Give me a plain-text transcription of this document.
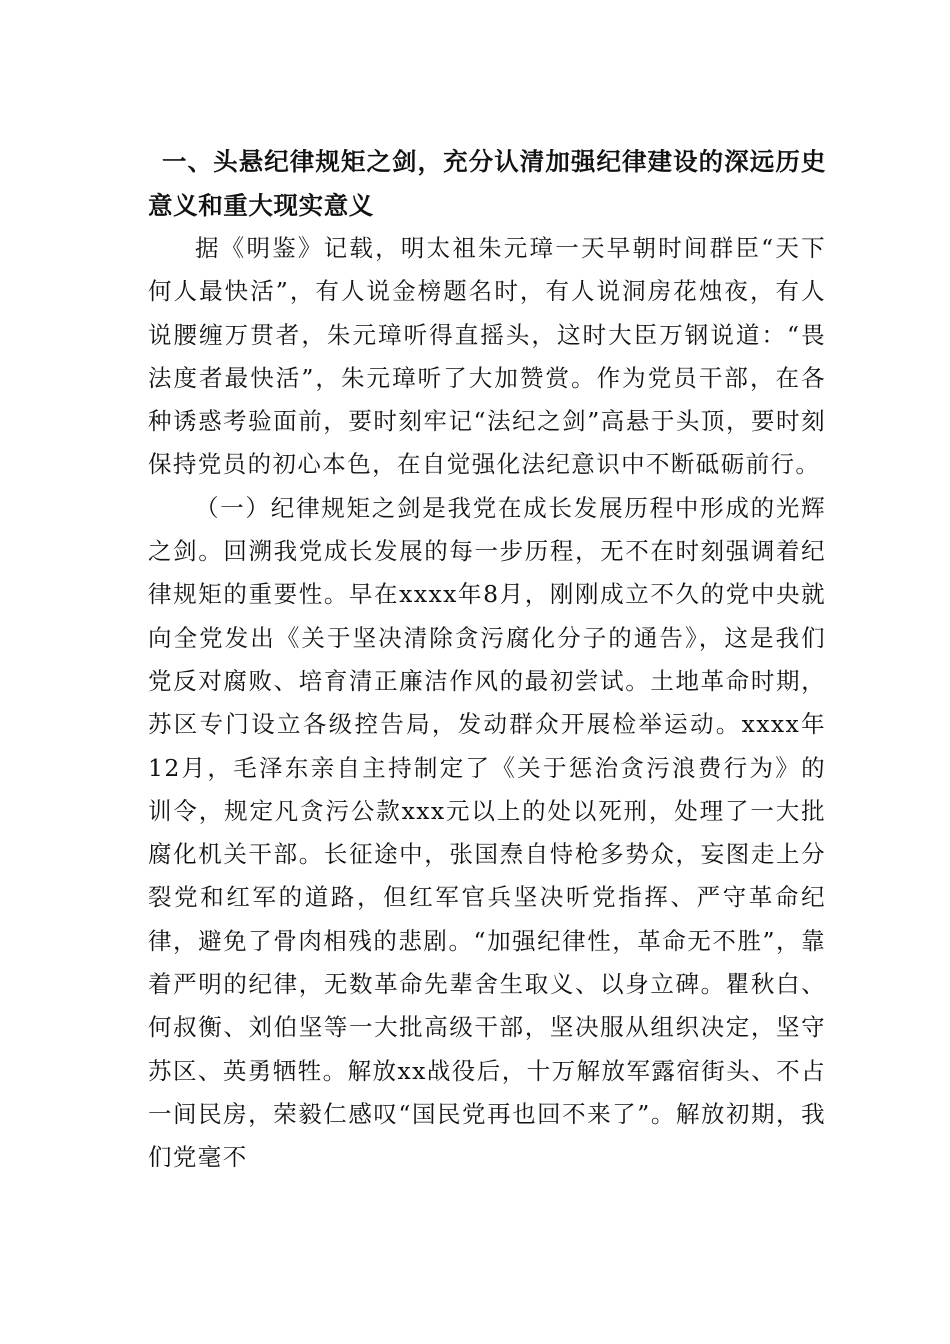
一、头悬纪律规矩之剑，充分认清加强纪律建设的深远历史意义和重大现实意义

据《明鉴》记载，明太祖朱元璋一天早朝时间群臣“天下何人最快活”，有人说金榜题名时，有人说洞房花烛夜，有人说腰缠万贯者，朱元璋听得直摇头，这时大臣万钢说道：“畏法度者最快活”，朱元璋听了大加赞赏。作为党员干部，在各种诱惑考验面前，要时刻牢记“法纪之剑”高悬于头顶，要时刻保持党员的初心本色，在自觉强化法纪意识中不断砥砺前行。

（一）纪律规矩之剑是我党在成长发展历程中形成的光辉之剑。回溯我党成长发展的每一步历程，无不在时刻强调着纪律规矩的重要性。早在xxxx年8月，刚刚成立不久的党中央就向全党发出《关于坚决清除贪污腐化分子的通告》，这是我们党反对腐败、培育清正廉洁作风的最初尝试。土地革命时期，苏区专门设立各级控告局，发动群众开展检举运动。xxxx年12月，毛泽东亲自主持制定了《关于惩治贪污浪费行为》的训令，规定凡贪污公款xxx元以上的处以死刑，处理了一大批腐化机关干部。长征途中，张国焘自恃枪多势众，妄图走上分裂党和红军的道路，但红军官兵坚决听党指挥、严守革命纪律，避免了骨肉相残的悲剧。“加强纪律性，革命无不胜”，靠着严明的纪律，无数革命先辈舍生取义、以身立碑。瞿秋白、何叔衡、刘伯坚等一大批高级干部，坚决服从组织决定，坚守苏区、英勇牺牲。解放xx战役后，十万解放军露宿街头、不占一间民房，荣毅仁感叹“国民党再也回不来了”。解放初期，我们党毫不
